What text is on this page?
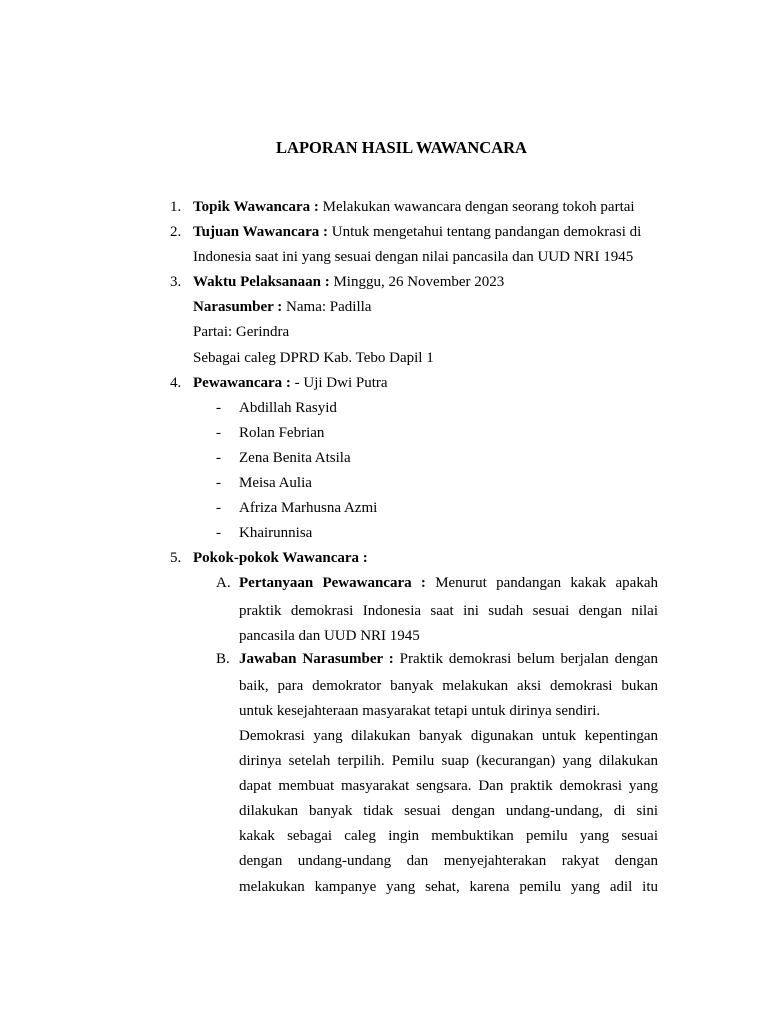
LAPORAN HASIL WAWANCARA
1. Topik Wawancara : Melakukan wawancara dengan seorang tokoh partai
2. Tujuan Wawancara : Untuk mengetahui tentang pandangan demokrasi di
Indonesia saat ini yang sesuai dengan nilai pancasila dan UUD NRI 1945
3. Waktu Pelaksanaan : Minggu, 26 November 2023
Narasumber : Nama: Padilla
Partai: Gerindra
Sebagai caleg DPRD Kab. Tebo Dapil 1
4. Pewawancara : - Uji Dwi Putra
- Abdillah Rasyid
- Rolan Febrian
- Zena Benita Atsila
- Meisa Aulia
- Afriza Marhusna Azmi
- Khairunnisa
5. Pokok-pokok Wawancara :
A. Pertanyaan Pewawancara : Menurut pandangan kakak apakah
praktik demokrasi Indonesia saat ini sudah sesuai dengan nilai
pancasila dan UUD NRI 1945
B. Jawaban Narasumber : Praktik demokrasi belum berjalan dengan
baik, para demokrator banyak melakukan aksi demokrasi bukan
untuk kesejahteraan masyarakat tetapi untuk dirinya sendiri.
Demokrasi yang dilakukan banyak digunakan untuk kepentingan
dirinya setelah terpilih. Pemilu suap (kecurangan) yang dilakukan
dapat membuat masyarakat sengsara. Dan praktik demokrasi yang
dilakukan banyak tidak sesuai dengan undang-undang, di sini
kakak sebagai caleg ingin membuktikan pemilu yang sesuai
dengan undang-undang dan menyejahterakan rakyat dengan
melakukan kampanye yang sehat, karena pemilu yang adil itu
